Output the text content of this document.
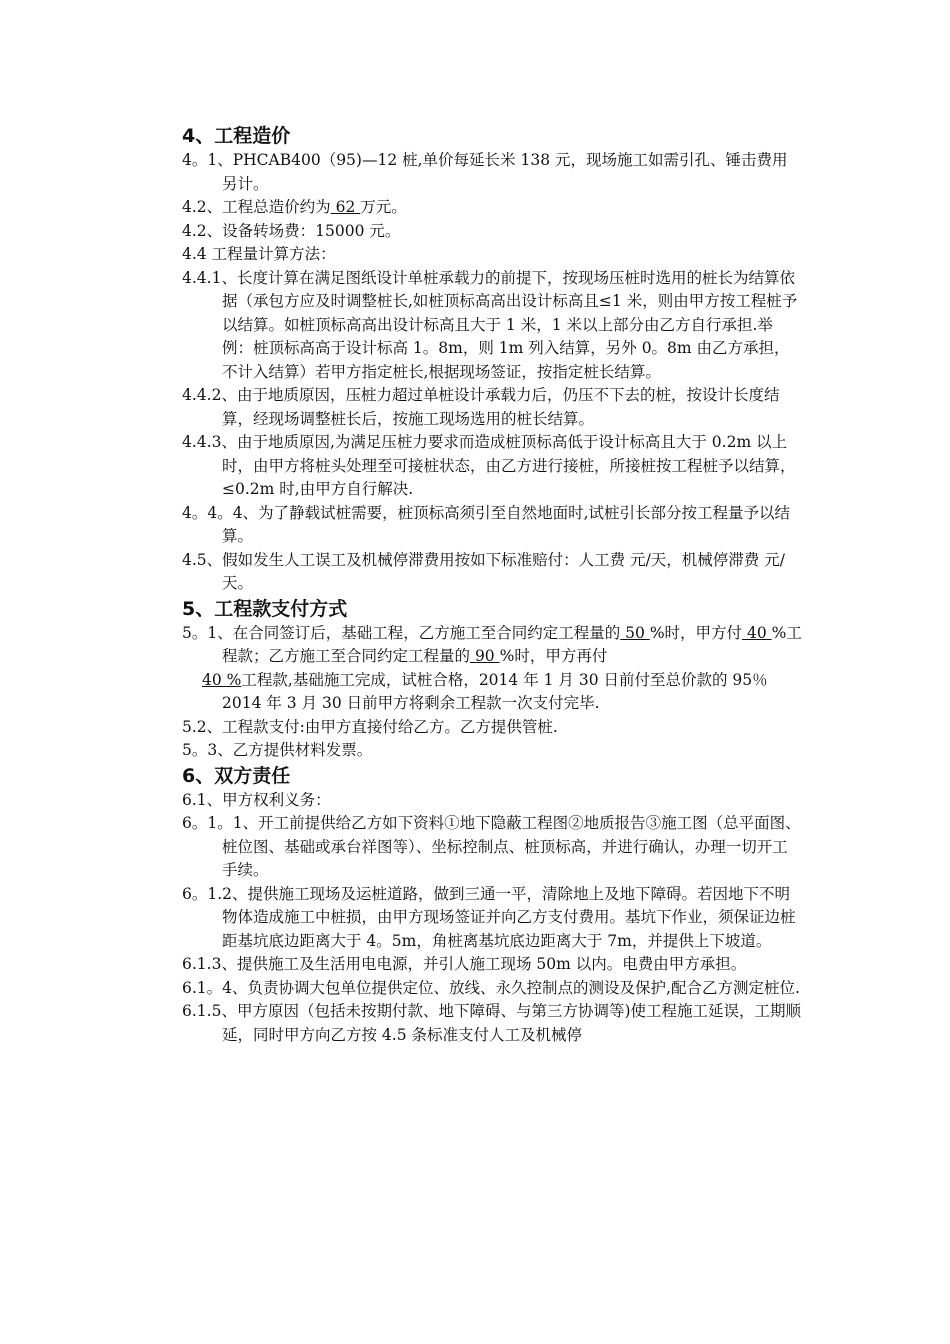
4、工程造价

4。1、PHCAB400（95)—12 桩,单价每延长米 138 元，现场施工如需引孔、锤击费用另计。

4.2、工程总造价约为 62 万元。

4.2、设备转场费：15000 元。

4.4 工程量计算方法：

4.4.1、长度计算在满足图纸设计单桩承载力的前提下，按现场压桩时选用的桩长为结算依据（承包方应及时调整桩长,如桩顶标高高出设计标高且≤1 米，则由甲方按工程桩予以结算。如桩顶标高高出设计标高且大于 1 米，1 米以上部分由乙方自行承担.举例：桩顶标高高于设计标高 1。8m，则 1m 列入结算，另外 0。8m 由乙方承担，不计入结算）若甲方指定桩长,根据现场签证，按指定桩长结算。

4.4.2、由于地质原因，压桩力超过单桩设计承载力后，仍压不下去的桩，按设计长度结算，经现场调整桩长后，按施工现场选用的桩长结算。

4.4.3、由于地质原因,为满足压桩力要求而造成桩顶标高低于设计标高且大于 0.2m 以上时，由甲方将桩头处理至可接桩状态，由乙方进行接桩，所接桩按工程桩予以结算，≤0.2m 时,由甲方自行解决.

4。4。4、为了静载试桩需要，桩顶标高须引至自然地面时,试桩引长部分按工程量予以结算。

4.5、假如发生人工误工及机械停滞费用按如下标准赔付：人工费 元/天，机械停滞费 元/天。

5、工程款支付方式

5。1、在合同签订后，基础工程，乙方施工至合同约定工程量的 50 %时，甲方付 40 %工程款；乙方施工至合同约定工程量的 90 %时，甲方再付

40 %工程款,基础施工完成，试桩合格，2014 年 1 月 30 日前付至总价款的 95％ 2014 年 3 月 30 日前甲方将剩余工程款一次支付完毕.

5.2、工程款支付:由甲方直接付给乙方。乙方提供管桩.

5。3、乙方提供材料发票。

6、双方责任

6.1、甲方权利义务：

6。1。1、开工前提供给乙方如下资料①地下隐蔽工程图②地质报告③施工图（总平面图、桩位图、基础或承台祥图等）、坐标控制点、桩顶标高，并进行确认，办理一切开工手续。

6。1.2、提供施工现场及运桩道路，做到三通一平，清除地上及地下障碍。若因地下不明物体造成施工中桩损，由甲方现场签证并向乙方支付费用。基坑下作业，须保证边桩距基坑底边距离大于 4。5m，角桩离基坑底边距离大于 7m，并提供上下坡道。

6.1.3、提供施工及生活用电电源，并引人施工现场 50m 以内。电费由甲方承担。

6.1。4、负责协调大包单位提供定位、放线、永久控制点的测设及保护,配合乙方测定桩位.

6.1.5、甲方原因（包括未按期付款、地下障碍、与第三方协调等)使工程施工延误，工期顺延，同时甲方向乙方按 4.5 条标准支付人工及机械停
